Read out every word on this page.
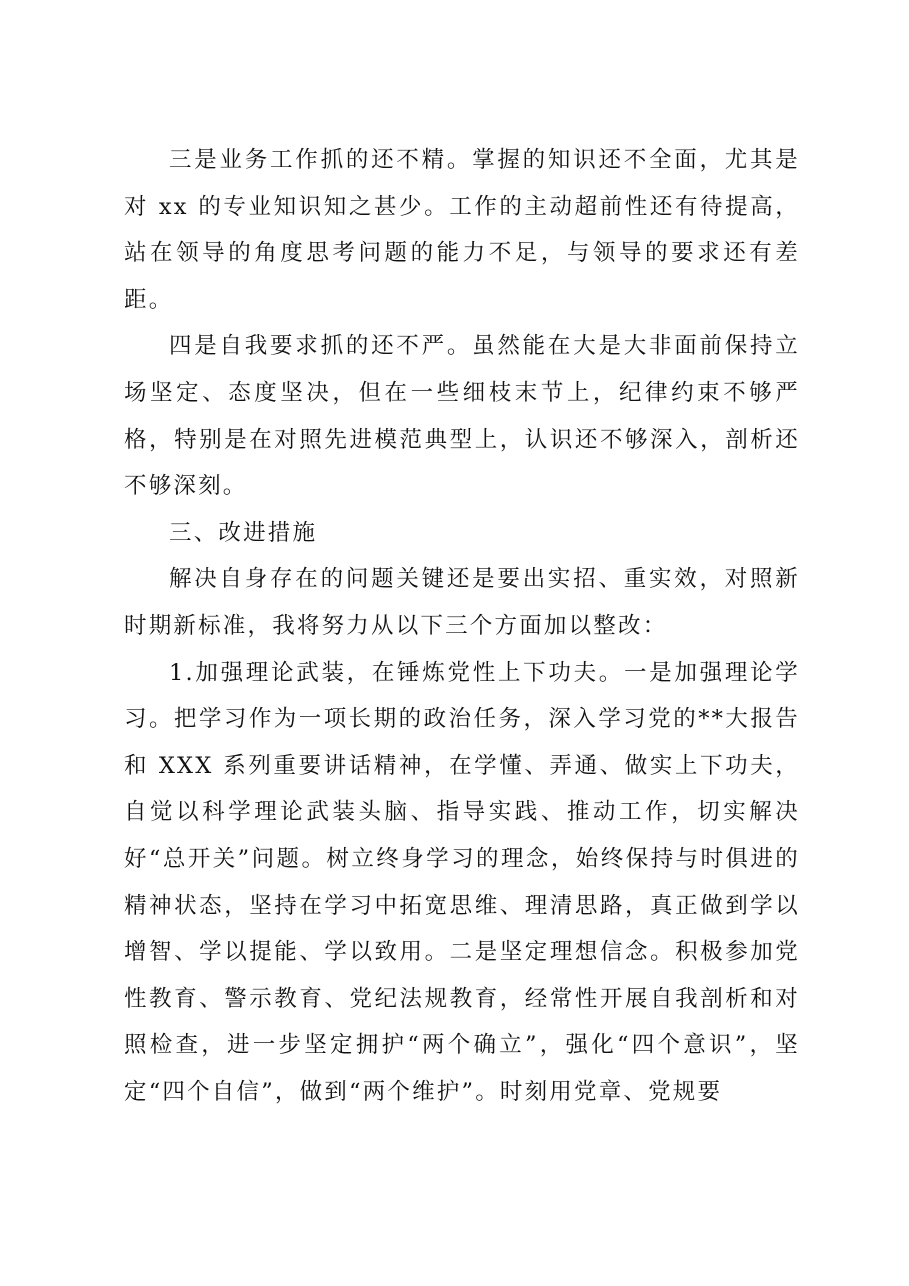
三是业务工作抓的还不精。掌握的知识还不全面，尤其是对 xx 的专业知识知之甚少。工作的主动超前性还有待提高，站在领导的角度思考问题的能力不足，与领导的要求还有差距。

四是自我要求抓的还不严。虽然能在大是大非面前保持立场坚定、态度坚决，但在一些细枝末节上，纪律约束不够严格，特别是在对照先进模范典型上，认识还不够深入，剖析还不够深刻。

三、改进措施

解决自身存在的问题关键还是要出实招、重实效，对照新时期新标准，我将努力从以下三个方面加以整改：

1.加强理论武装，在锤炼党性上下功夫。一是加强理论学习。把学习作为一项长期的政治任务，深入学习党的**大报告和 XXX 系列重要讲话精神，在学懂、弄通、做实上下功夫，自觉以科学理论武装头脑、指导实践、推动工作，切实解决好“总开关”问题。树立终身学习的理念，始终保持与时俱进的精神状态，坚持在学习中拓宽思维、理清思路，真正做到学以增智、学以提能、学以致用。二是坚定理想信念。积极参加党性教育、警示教育、党纪法规教育，经常性开展自我剖析和对照检查，进一步坚定拥护“两个确立”，强化“四个意识”，坚定“四个自信”，做到“两个维护”。时刻用党章、党规要
